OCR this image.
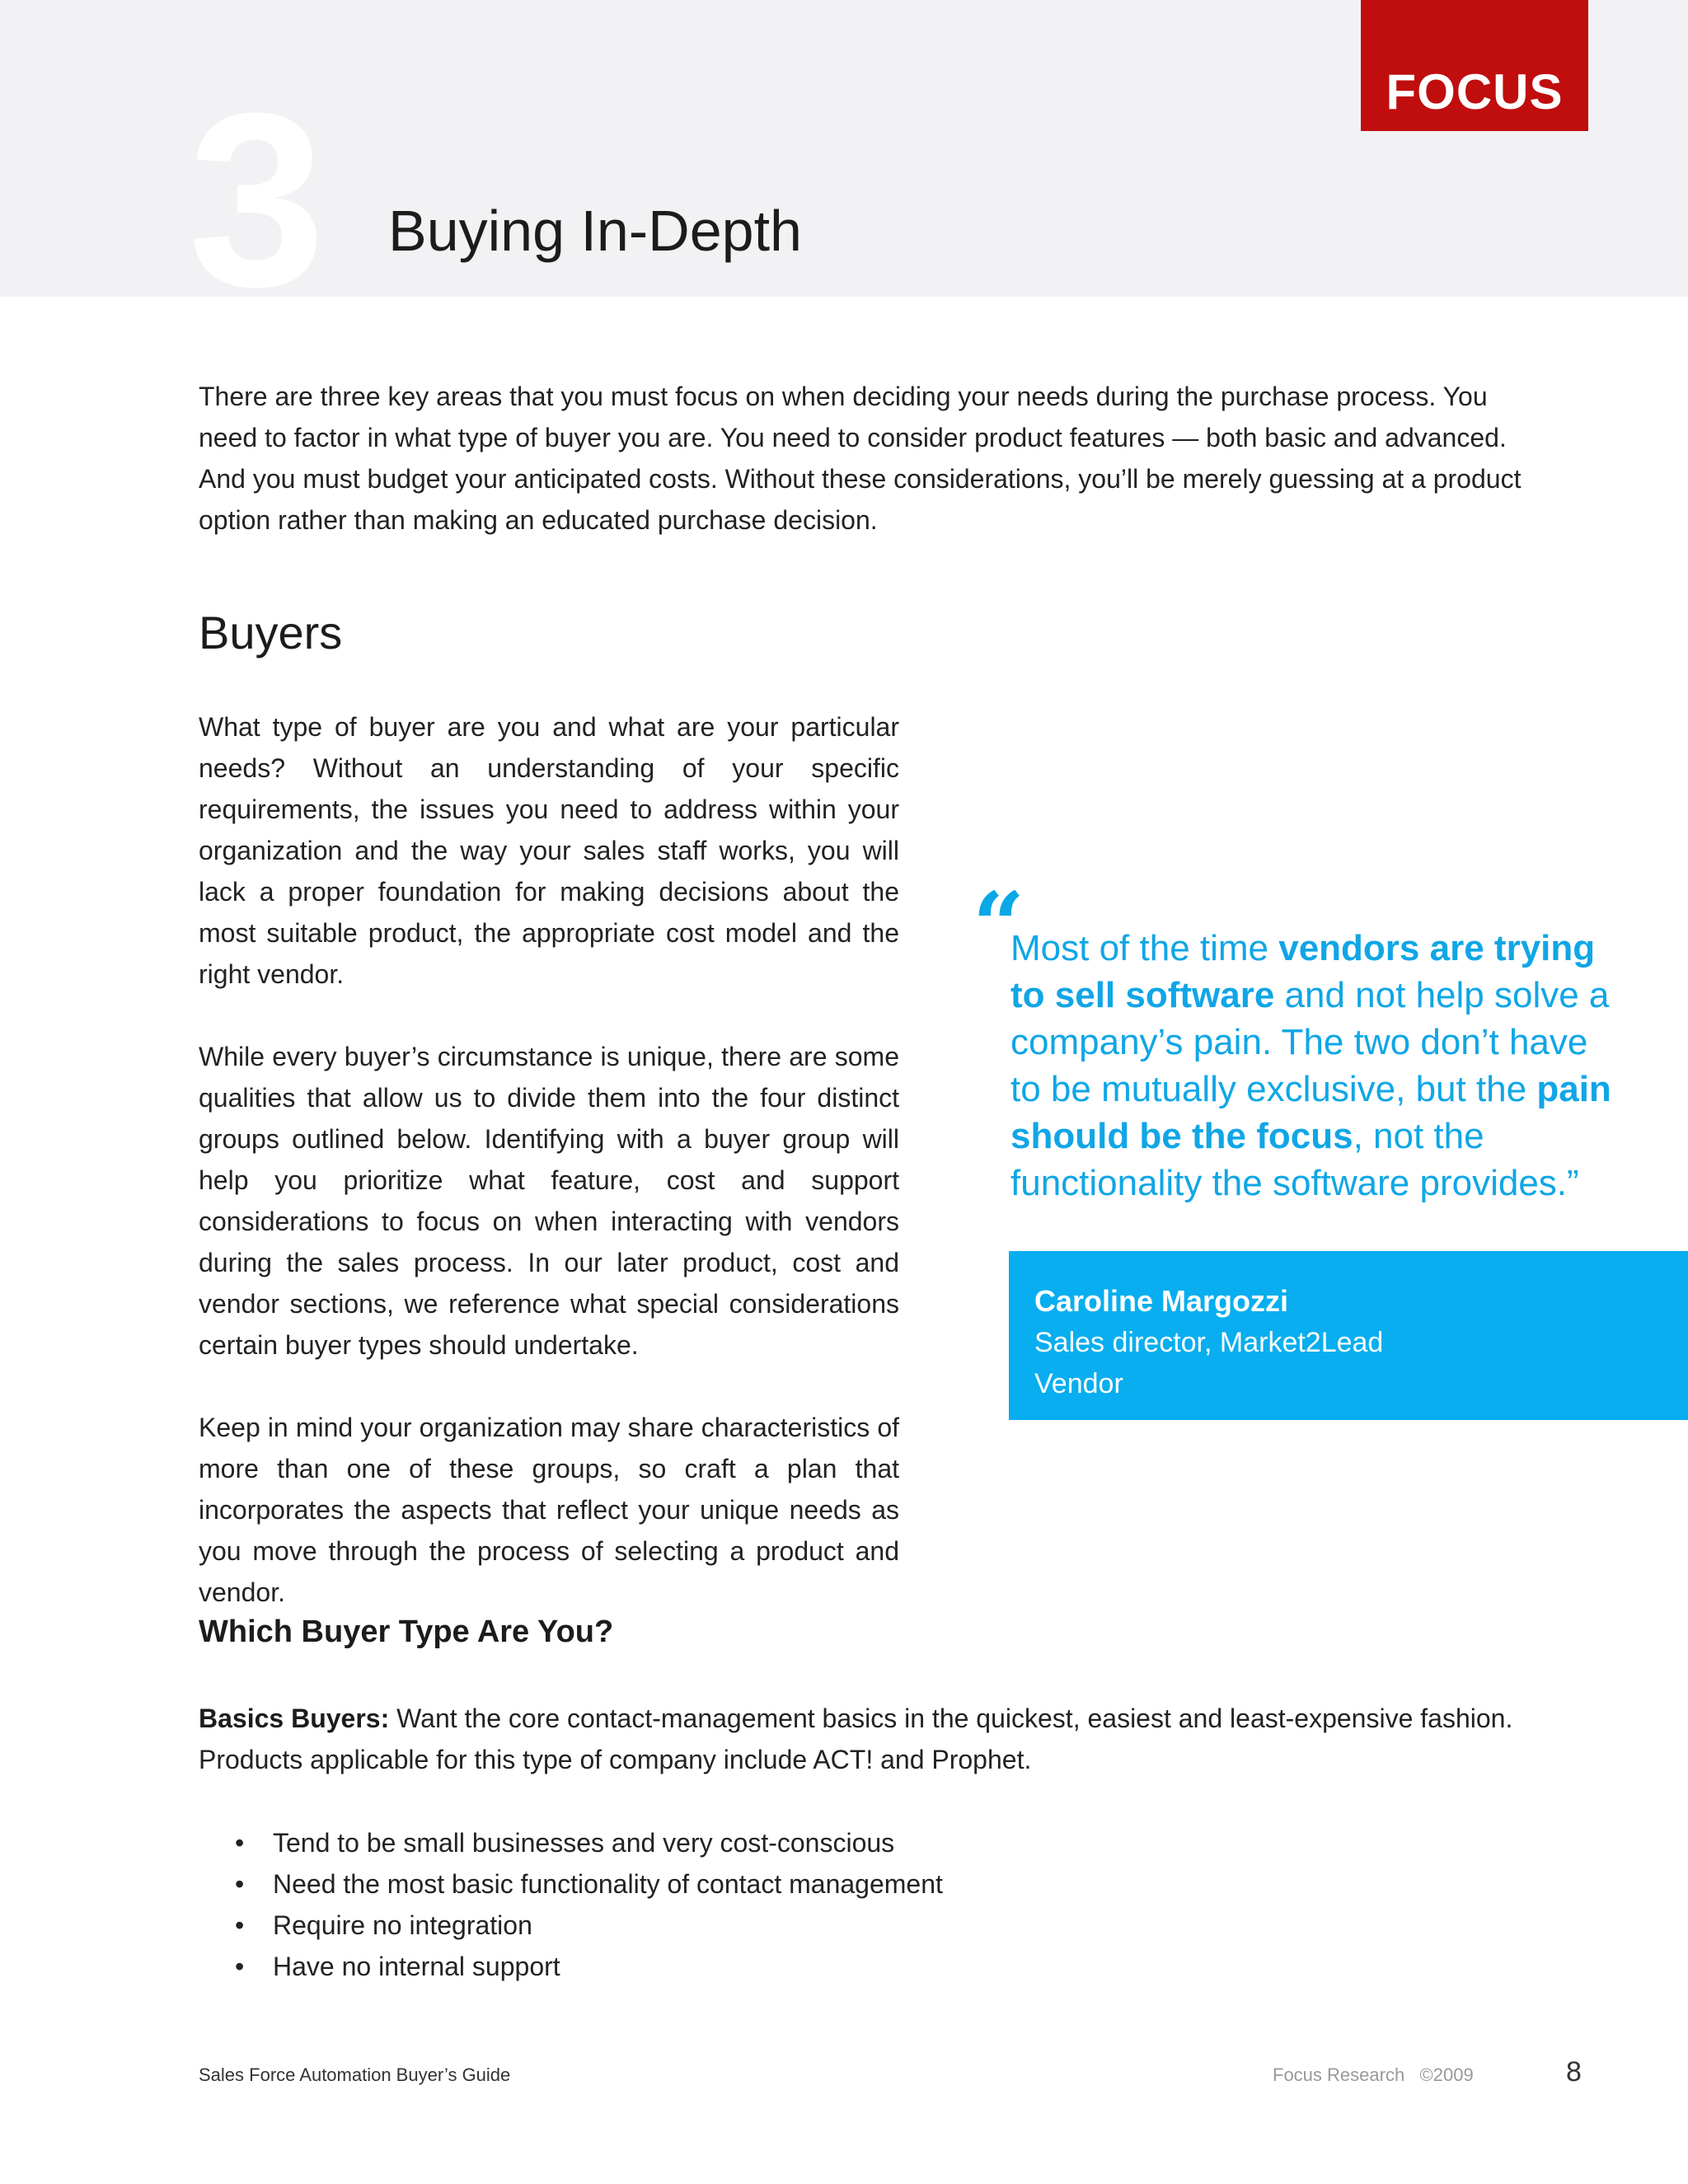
3 Buying In-Depth
FOCUS

There are three key areas that you must focus on when deciding your needs during the purchase process. You need to factor in what type of buyer you are. You need to consider product features — both basic and advanced. And you must budget your anticipated costs. Without these considerations, you’ll be merely guessing at a product option rather than making an educated purchase decision.

Buyers

What type of buyer are you and what are your particular needs? Without an understanding of your specific requirements, the issues you need to address within your organization and the way your sales staff works, you will lack a proper foundation for making decisions about the most suitable product, the appropriate cost model and the right vendor.

While every buyer’s circumstance is unique, there are some qualities that allow us to divide them into the four distinct groups outlined below. Identifying with a buyer group will help you prioritize what feature, cost and support considerations to focus on when interacting with vendors during the sales process. In our later product, cost and vendor sections, we reference what special considerations certain buyer types should undertake.

Keep in mind your organization may share characteristics of more than one of these groups, so craft a plan that incorporates the aspects that reflect your unique needs as you move through the process of selecting a product and vendor.

“
Most of the time vendors are trying to sell software and not help solve a company’s pain. The two don’t have to be mutually exclusive, but the pain should be the focus, not the functionality the software provides.”
Caroline Margozzi
Sales director, Market2Lead
Vendor
Which Buyer Type Are You?

Basics Buyers: Want the core contact-management basics in the quickest, easiest and least-expensive fashion. Products applicable for this type of company include ACT! and Prophet.

• Tend to be small businesses and very cost-conscious
• Need the most basic functionality of contact management
• Require no integration
• Have no internal support
Sales Force Automation Buyer’s Guide	Focus Research ©2009	8
